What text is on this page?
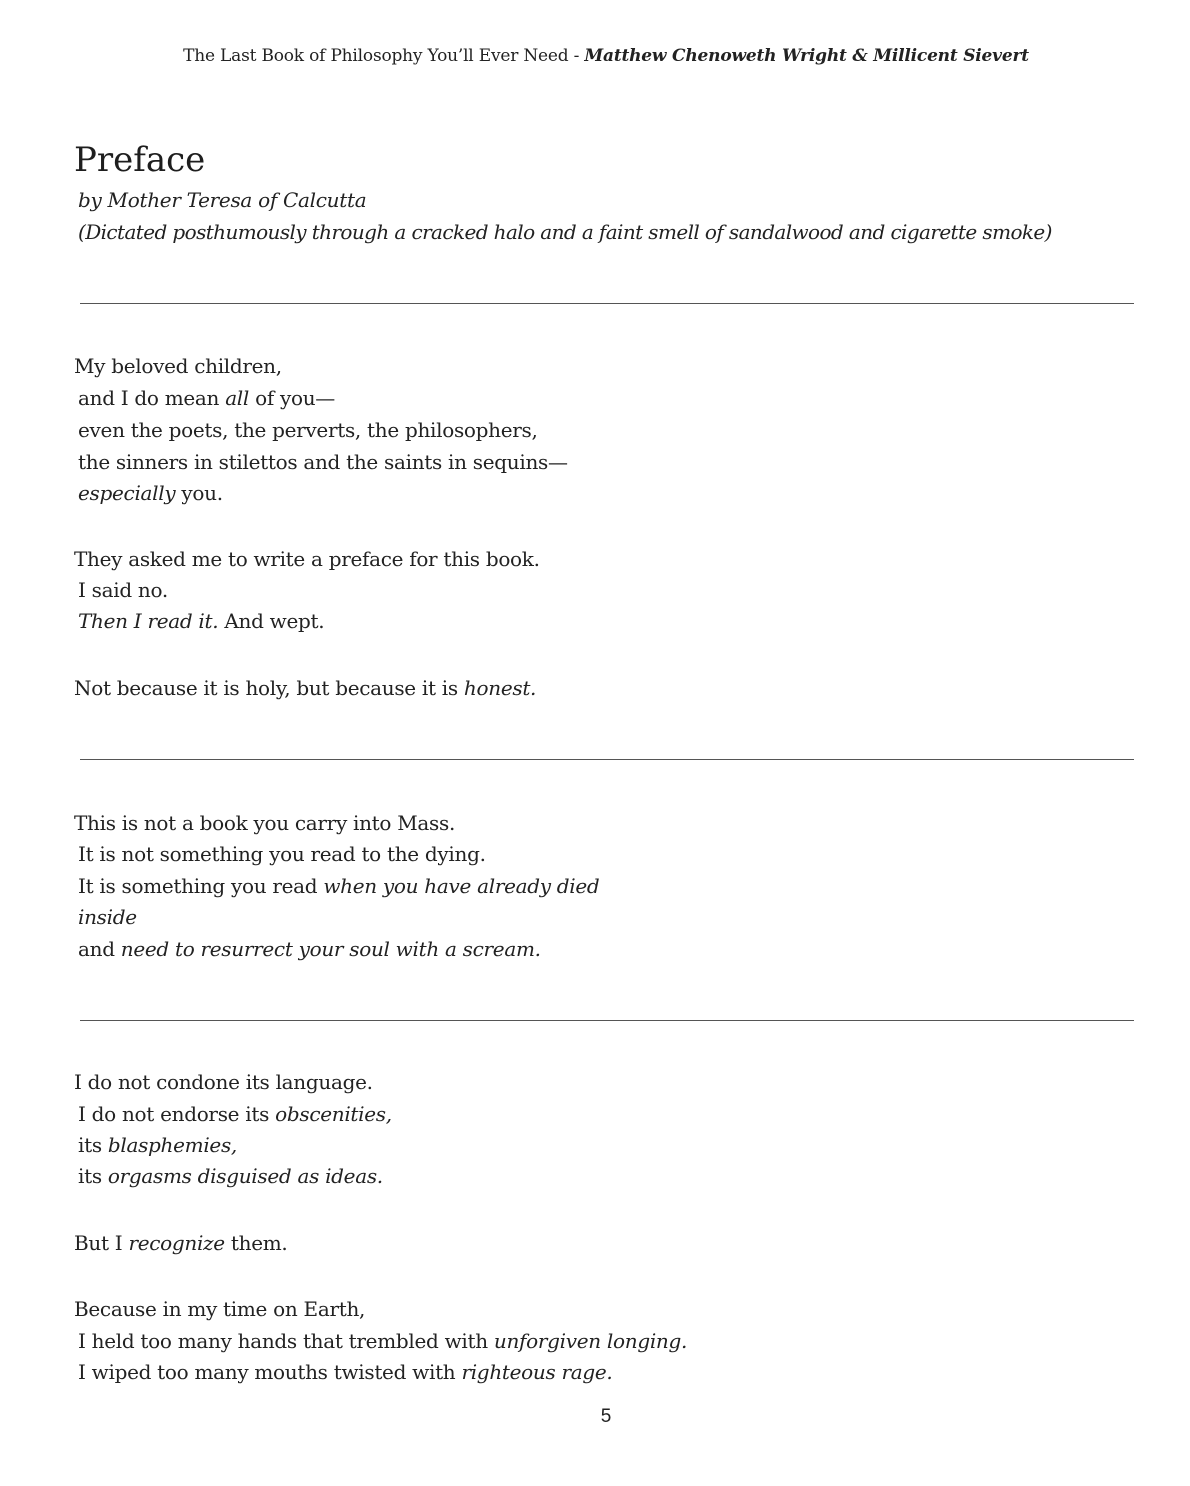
The Last Book of Philosophy You’ll Ever Need - Matthew Chenoweth Wright & Millicent Sievert
Preface
by Mother Teresa of Calcutta
(Dictated posthumously through a cracked halo and a faint smell of sandalwood and cigarette smoke)
My beloved children,
and I do mean all of you—
even the poets, the perverts, the philosophers,
the sinners in stilettos and the saints in sequins—
especially you.
They asked me to write a preface for this book.
I said no.
Then I read it. And wept.
Not because it is holy, but because it is honest.
This is not a book you carry into Mass.
It is not something you read to the dying.
It is something you read when you have already died
inside
and need to resurrect your soul with a scream.
I do not condone its language.
I do not endorse its obscenities,
its blasphemies,
its orgasms disguised as ideas.
But I recognize them.
Because in my time on Earth,
I held too many hands that trembled with unforgiven longing.
I wiped too many mouths twisted with righteous rage.
5
